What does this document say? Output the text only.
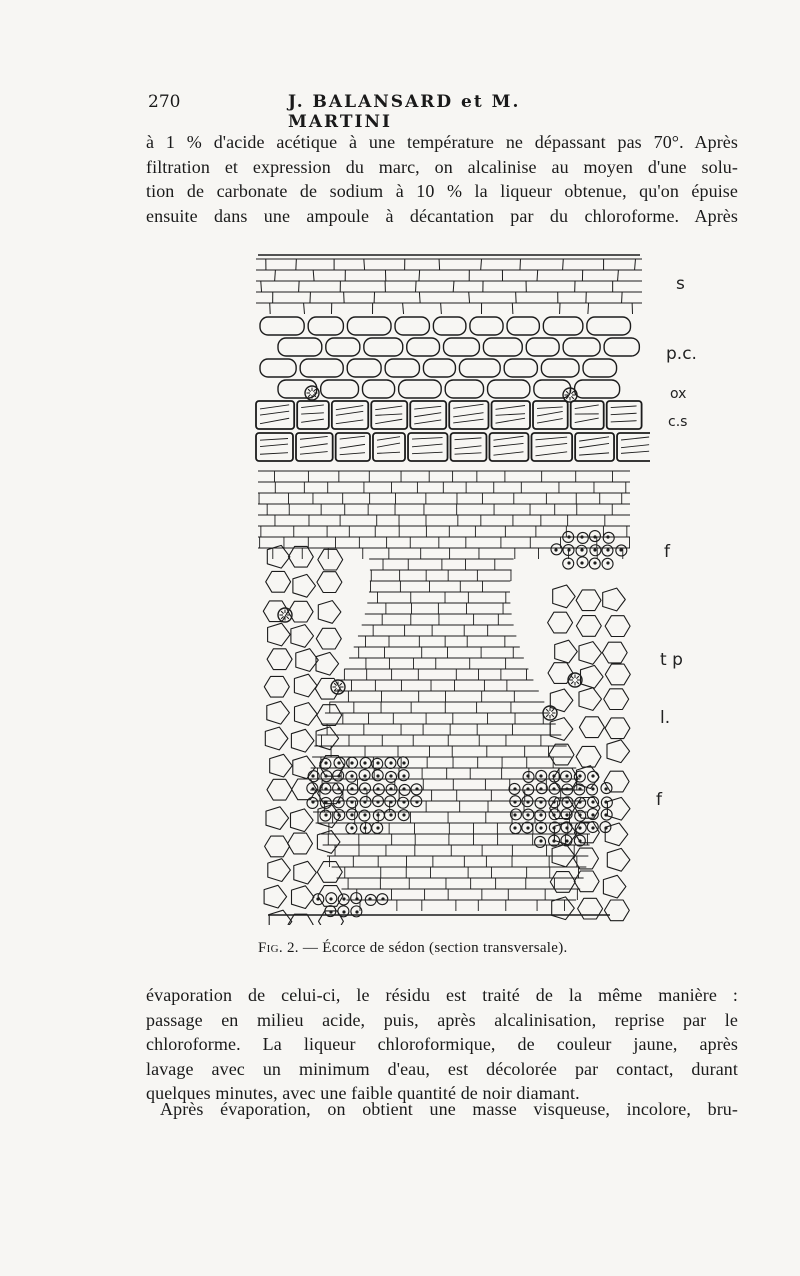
270	J. BALANSARD et M. MARTINI
à 1 % d'acide acétique à une température ne dépassant pas 70°. Après
filtration et expression du marc, on alcalinise au moyen d'une solu-
tion de carbonate de sodium à 10 % la liqueur obtenue, qu'on épuise
ensuite dans une ampoule à décantation par du chloroforme. Après
s
p.c.
ox
c.s
f
t p
l.
f
Fig. 2. — Écorce de sédon (section transversale).
évaporation de celui-ci, le résidu est traité de la même manière :
passage en milieu acide, puis, après alcalinisation, reprise par le
chloroforme. La liqueur chloroformique, de couleur jaune, après
lavage avec un minimum d'eau, est décolorée par contact, durant
quelques minutes, avec une faible quantité de noir diamant.
Après évaporation, on obtient une masse visqueuse, incolore, bru-
